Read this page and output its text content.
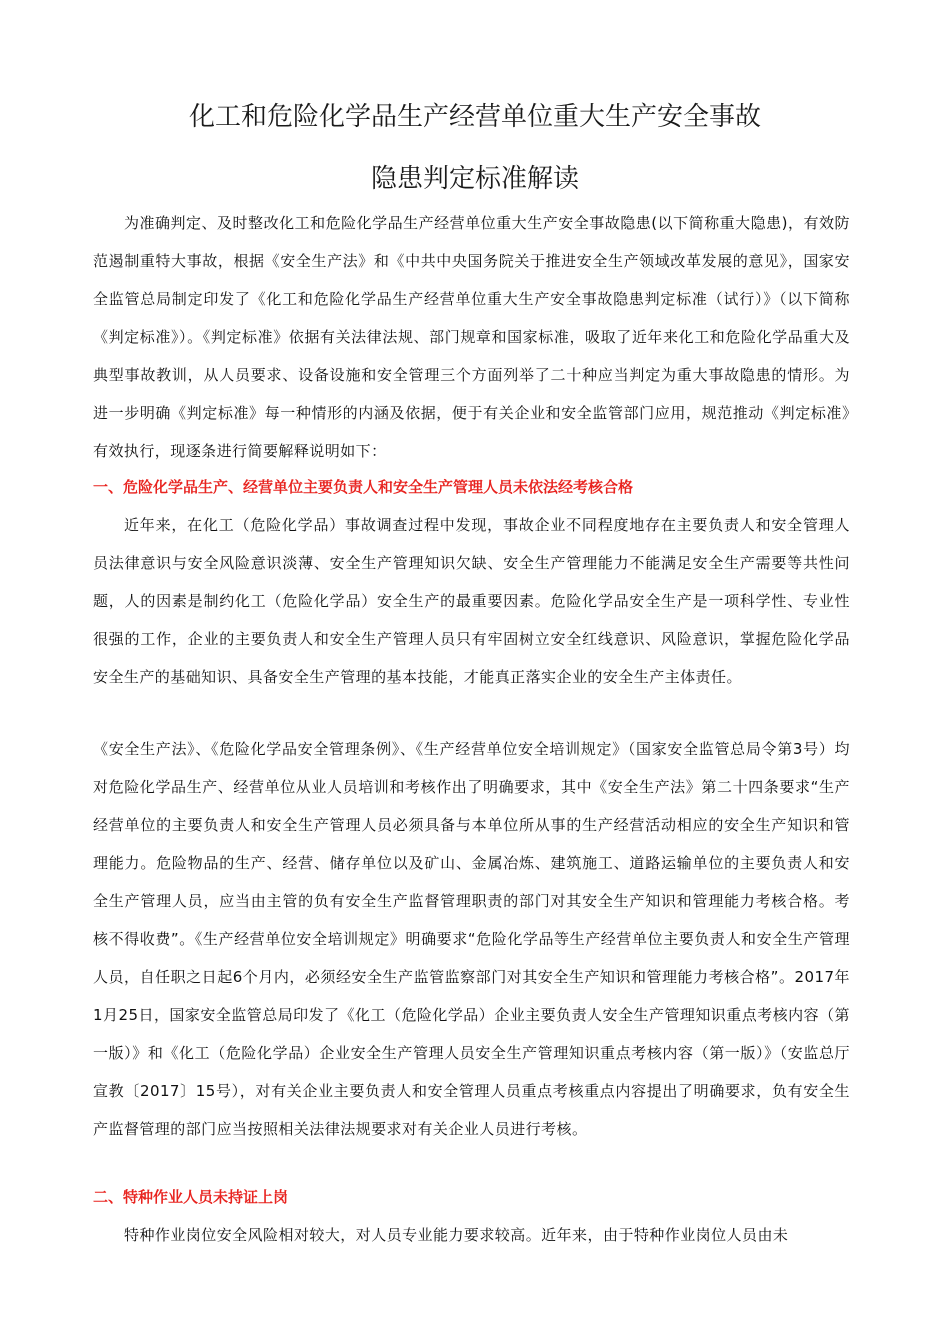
化工和危险化学品生产经营单位重大生产安全事故
隐患判定标准解读

为准确判定、及时整改化工和危险化学品生产经营单位重大生产安全事故隐患(以下简称重大隐患)，有效防范遏制重特大事故，根据《安全生产法》和《中共中央国务院关于推进安全生产领域改革发展的意见》，国家安全监管总局制定印发了《化工和危险化学品生产经营单位重大生产安全事故隐患判定标准（试行）》（以下简称《判定标准》）。《判定标准》依据有关法律法规、部门规章和国家标准，吸取了近年来化工和危险化学品重大及典型事故教训，从人员要求、设备设施和安全管理三个方面列举了二十种应当判定为重大事故隐患的情形。为进一步明确《判定标准》每一种情形的内涵及依据，便于有关企业和安全监管部门应用，规范推动《判定标准》有效执行，现逐条进行简要解释说明如下：

一、危险化学品生产、经营单位主要负责人和安全生产管理人员未依法经考核合格

近年来，在化工（危险化学品）事故调查过程中发现，事故企业不同程度地存在主要负责人和安全管理人员法律意识与安全风险意识淡薄、安全生产管理知识欠缺、安全生产管理能力不能满足安全生产需要等共性问题，人的因素是制约化工（危险化学品）安全生产的最重要因素。危险化学品安全生产是一项科学性、专业性很强的工作，企业的主要负责人和安全生产管理人员只有牢固树立安全红线意识、风险意识，掌握危险化学品安全生产的基础知识、具备安全生产管理的基本技能，才能真正落实企业的安全生产主体责任。

《安全生产法》、《危险化学品安全管理条例》、《生产经营单位安全培训规定》（国家安全监管总局令第3号）均对危险化学品生产、经营单位从业人员培训和考核作出了明确要求，其中《安全生产法》第二十四条要求“生产经营单位的主要负责人和安全生产管理人员必须具备与本单位所从事的生产经营活动相应的安全生产知识和管理能力。危险物品的生产、经营、储存单位以及矿山、金属冶炼、建筑施工、道路运输单位的主要负责人和安全生产管理人员，应当由主管的负有安全生产监督管理职责的部门对其安全生产知识和管理能力考核合格。考核不得收费”。《生产经营单位安全培训规定》明确要求“危险化学品等生产经营单位主要负责人和安全生产管理人员，自任职之日起6个月内，必须经安全生产监管监察部门对其安全生产知识和管理能力考核合格”。2017年1月25日，国家安全监管总局印发了《化工（危险化学品）企业主要负责人安全生产管理知识重点考核内容（第一版）》和《化工（危险化学品）企业安全生产管理人员安全生产管理知识重点考核内容（第一版）》（安监总厅宣教〔2017〕15号），对有关企业主要负责人和安全管理人员重点考核重点内容提出了明确要求，负有安全生产监督管理的部门应当按照相关法律法规要求对有关企业人员进行考核。

二、特种作业人员未持证上岗

特种作业岗位安全风险相对较大，对人员专业能力要求较高。近年来，由于特种作业岗位人员由未
